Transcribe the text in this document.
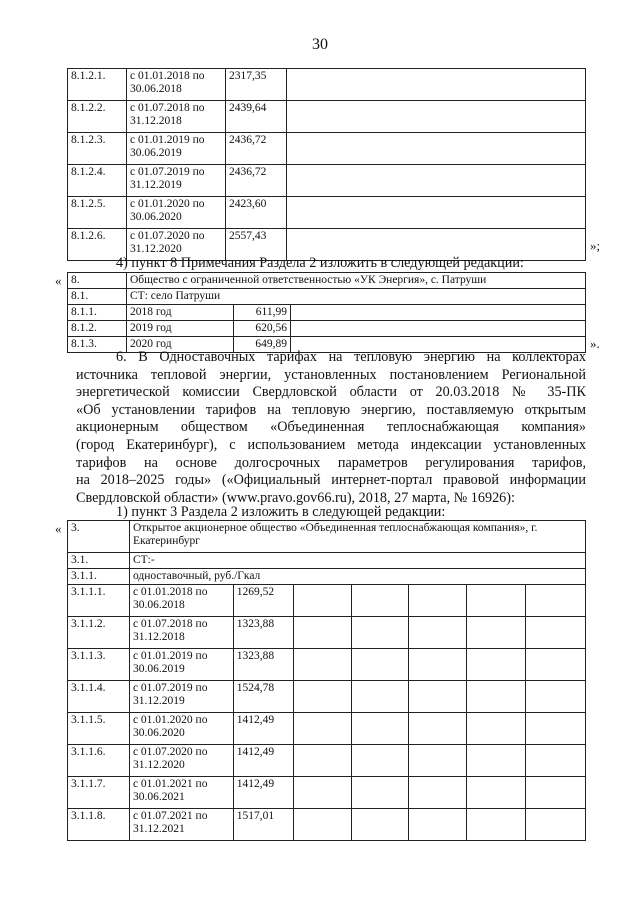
30
8.1.2.1.	с 01.01.2018 по 30.06.2018	2317,35	
8.1.2.2.	с 01.07.2018 по 31.12.2018	2439,64	
8.1.2.3.	с 01.01.2019 по 30.06.2019	2436,72	
8.1.2.4.	с 01.07.2019 по 31.12.2019	2436,72	
8.1.2.5.	с 01.01.2020 по 30.06.2020	2423,60	
8.1.2.6.	с 01.07.2020 по 31.12.2020	2557,43	
»;
4) пункт 8 Примечания Раздела 2 изложить в следующей редакции:
« 8.	Общество с ограниченной ответственностью «УК Энергия», с. Патруши		
8.1.	СТ: село Патруши		
8.1.1.	2018 год	611,99	
8.1.2.	2019 год	620,56	
8.1.3.	2020 год	649,89		».
6. В Одноставочных тарифах на тепловую энергию на коллекторах
источника тепловой энергии, установленных постановлением Региональной
энергетической комиссии Свердловской области от 20.03.2018 № 35-ПК
«Об установлении тарифов на тепловую энергию, поставляемую открытым
акционерным обществом «Объединенная теплоснабжающая компания»
(город Екатеринбург), с использованием метода индексации установленных
тарифов на основе долгосрочных параметров регулирования тарифов,
на 2018–2025 годы» («Официальный интернет-портал правовой информации
Свердловской области» (www.pravo.gov66.ru), 2018, 27 марта, № 16926):
1) пункт 3 Раздела 2 изложить в следующей редакции:
« 3.	Открытое акционерное общество «Объединенная теплоснабжающая компания», г. Екатеринбург						
3.1.	СТ:-						
3.1.1.	одноставочный, руб./Гкал						
3.1.1.1.	с 01.01.2018 по 30.06.2018	1269,52					
3.1.1.2.	с 01.07.2018 по 31.12.2018	1323,88					
3.1.1.3.	с 01.01.2019 по 30.06.2019	1323,88					
3.1.1.4.	с 01.07.2019 по 31.12.2019	1524,78					
3.1.1.5.	с 01.01.2020 по 30.06.2020	1412,49					
3.1.1.6.	с 01.07.2020 по 31.12.2020	1412,49					
3.1.1.7.	с 01.01.2021 по 30.06.2021	1412,49					
3.1.1.8.	с 01.07.2021 по 31.12.2021	1517,01					
